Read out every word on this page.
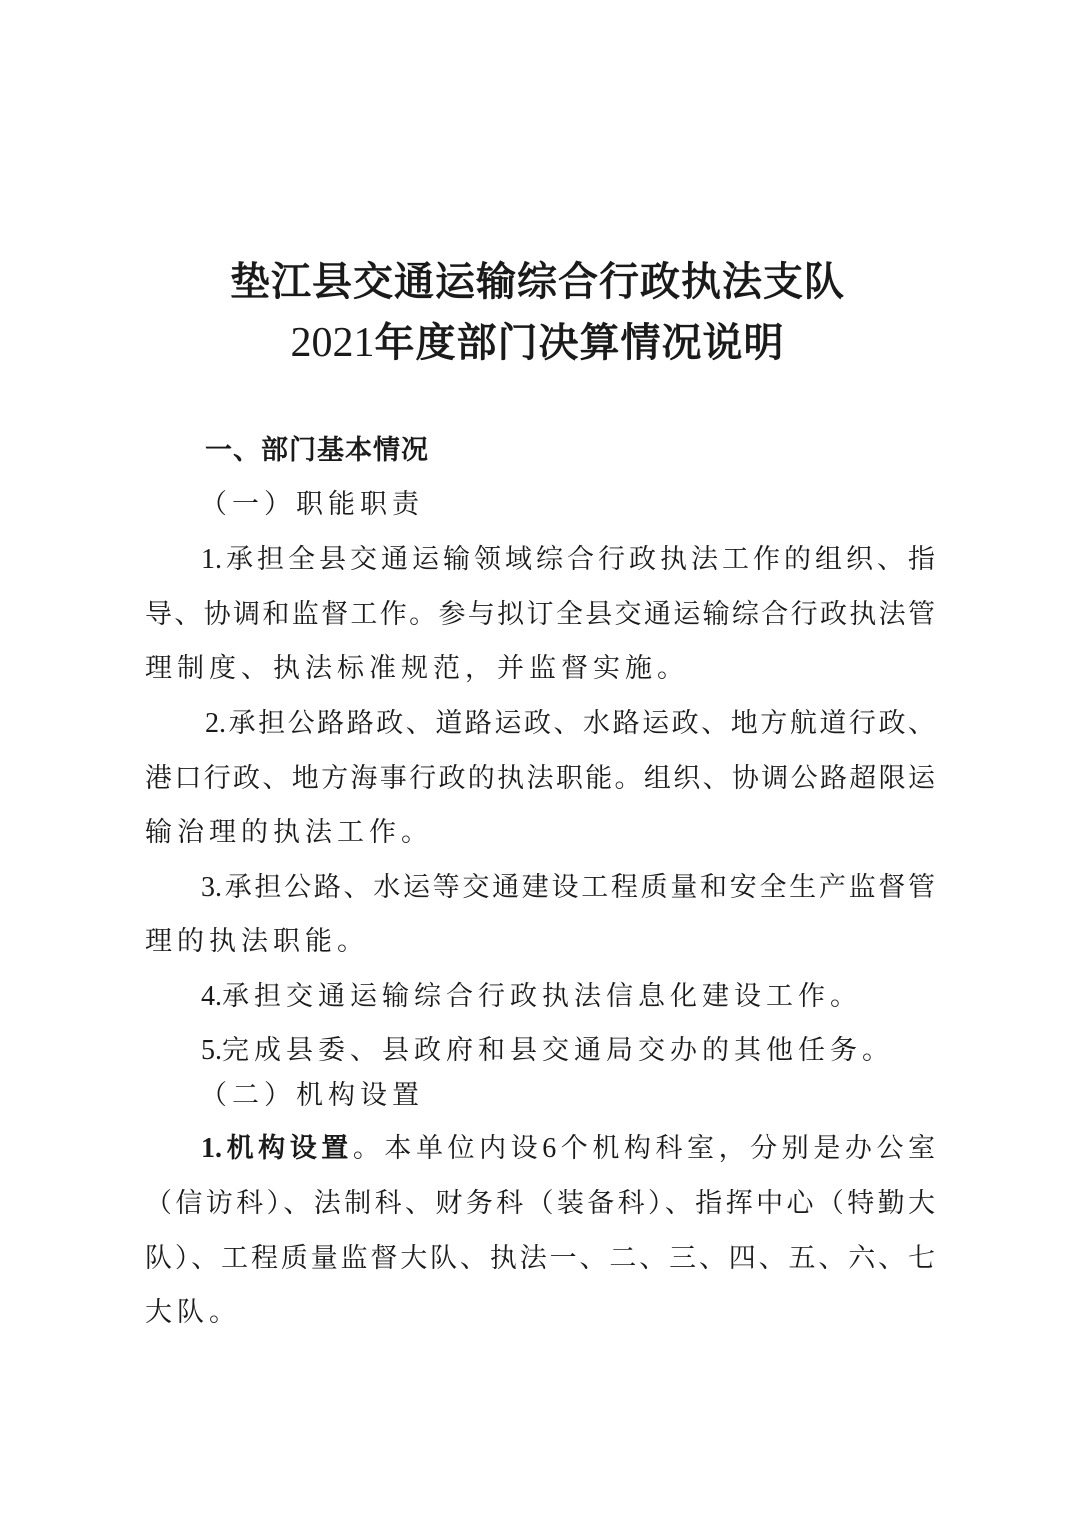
垫江县交通运输综合行政执法支队
2021年度部门决算情况说明
一、部门基本情况
（一）职能职责
1.承担全县交通运输领域综合行政执法工作的组织、指
导、协调和监督工作。参与拟订全县交通运输综合行政执法管
理制度、执法标准规范，并监督实施。
2.承担公路路政、道路运政、水路运政、地方航道行政、
港口行政、地方海事行政的执法职能。组织、协调公路超限运
输治理的执法工作。
3.承担公路、水运等交通建设工程质量和安全生产监督管
理的执法职能。
4.承担交通运输综合行政执法信息化建设工作。
5.完成县委、县政府和县交通局交办的其他任务。
（二）机构设置
1.机构设置。本单位内设6个机构科室，分别是办公室
（信访科）、法制科、财务科（装备科）、指挥中心（特勤大
队）、工程质量监督大队、执法一、二、三、四、五、六、七
大队。
